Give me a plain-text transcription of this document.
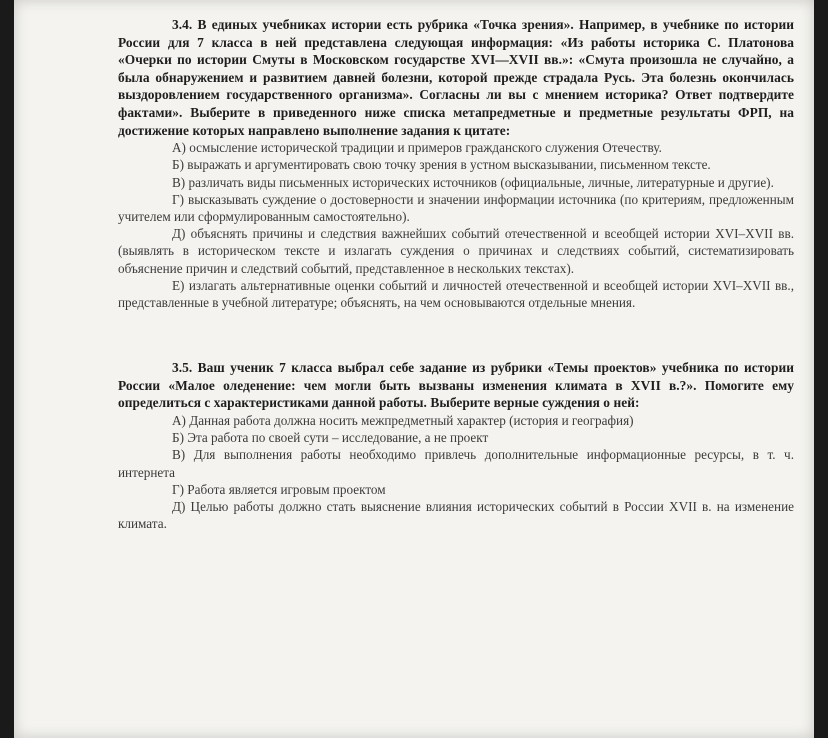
3.4. В единых учебниках истории есть рубрика «Точка зрения». Например, в учебнике по истории России для 7 класса в ней представлена следующая информация: «Из работы историка С. Платонова «Очерки по истории Смуты в Московском государстве XVI—XVII вв.»: «Смута произошла не случайно, а была обнаружением и развитием давней болезни, которой прежде страдала Русь. Эта болезнь окончилась выздоровлением государственного организма». Согласны ли вы с мнением историка? Ответ подтвердите фактами». Выберите в приведенного ниже списка метапредметные и предметные результаты ФРП, на достижение которых направлено выполнение задания к цитате:

А) осмысление исторической традиции и примеров гражданского служения Отечеству.

Б) выражать и аргументировать свою точку зрения в устном высказывании, письменном тексте.

В) различать виды письменных исторических источников (официальные, личные, литературные и другие).

Г) высказывать суждение о достоверности и значении информации источника (по критериям, предложенным учителем или сформулированным самостоятельно).

Д) объяснять причины и следствия важнейших событий отечественной и всеобщей истории XVI–XVII вв. (выявлять в историческом тексте и излагать суждения о причинах и следствиях событий, систематизировать объяснение причин и следствий событий, представленное в нескольких текстах).

Е) излагать альтернативные оценки событий и личностей отечественной и всеобщей истории XVI–XVII вв., представленные в учебной литературе; объяснять, на чем основываются отдельные мнения.

3.5. Ваш ученик 7 класса выбрал себе задание из рубрики «Темы проектов» учебника по истории России «Малое оледенение: чем могли быть вызваны изменения климата в XVII в.?». Помогите ему определиться с характеристиками данной работы. Выберите верные суждения о ней:

А) Данная работа должна носить межпредметный характер (история и география)

Б) Эта работа по своей сути – исследование, а не проект

В) Для выполнения работы необходимо привлечь дополнительные информационные ресурсы, в т. ч. интернета

Г) Работа является игровым проектом

Д) Целью работы должно стать выяснение влияния исторических событий в России XVII в. на изменение климата.
